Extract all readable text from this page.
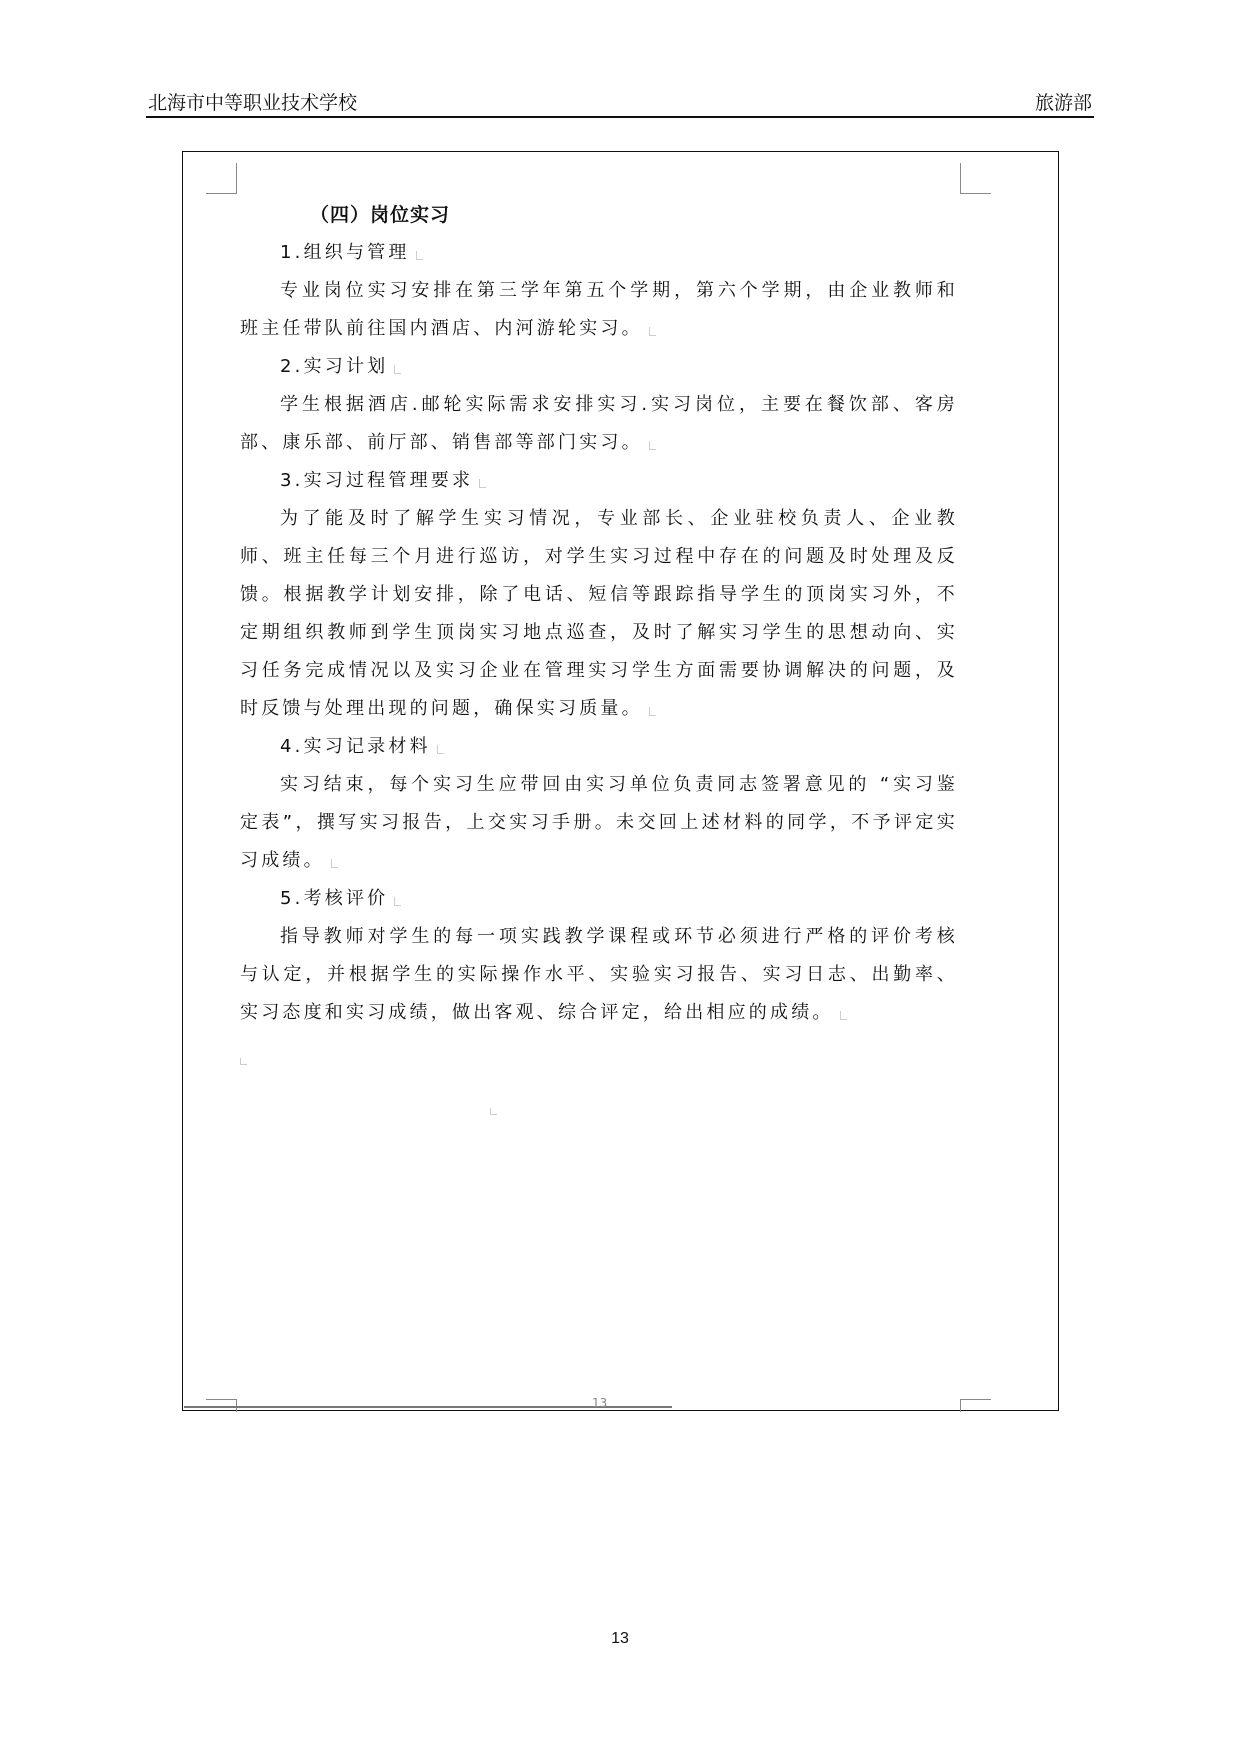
北海市中等职业技术学校	旅游部
13
（四）岗位实习

1.组织与管理

专业岗位实习安排在第三学年第五个学期，第六个学期，由企业教师和班主任带队前往国内酒店、内河游轮实习。

2.实习计划

学生根据酒店.邮轮实际需求安排实习.实习岗位，主要在餐饮部、客房部、康乐部、前厅部、销售部等部门实习。

3.实习过程管理要求

为了能及时了解学生实习情况，专业部长、企业驻校负责人、企业教师、班主任每三个月进行巡访，对学生实习过程中存在的问题及时处理及反馈。根据教学计划安排，除了电话、短信等跟踪指导学生的顶岗实习外，不定期组织教师到学生顶岗实习地点巡查，及时了解实习学生的思想动向、实习任务完成情况以及实习企业在管理实习学生方面需要协调解决的问题，及时反馈与处理出现的问题，确保实习质量。

4.实习记录材料

实习结束，每个实习生应带回由实习单位负责同志签署意见的 “实习鉴定表”，撰写实习报告，上交实习手册。未交回上述材料的同学，不予评定实习成绩。

5.考核评价

指导教师对学生的每一项实践教学课程或环节必须进行严格的评价考核与认定，并根据学生的实际操作水平、实验实习报告、实习日志、出勤率、实习态度和实习成绩，做出客观、综合评定，给出相应的成绩。

13
